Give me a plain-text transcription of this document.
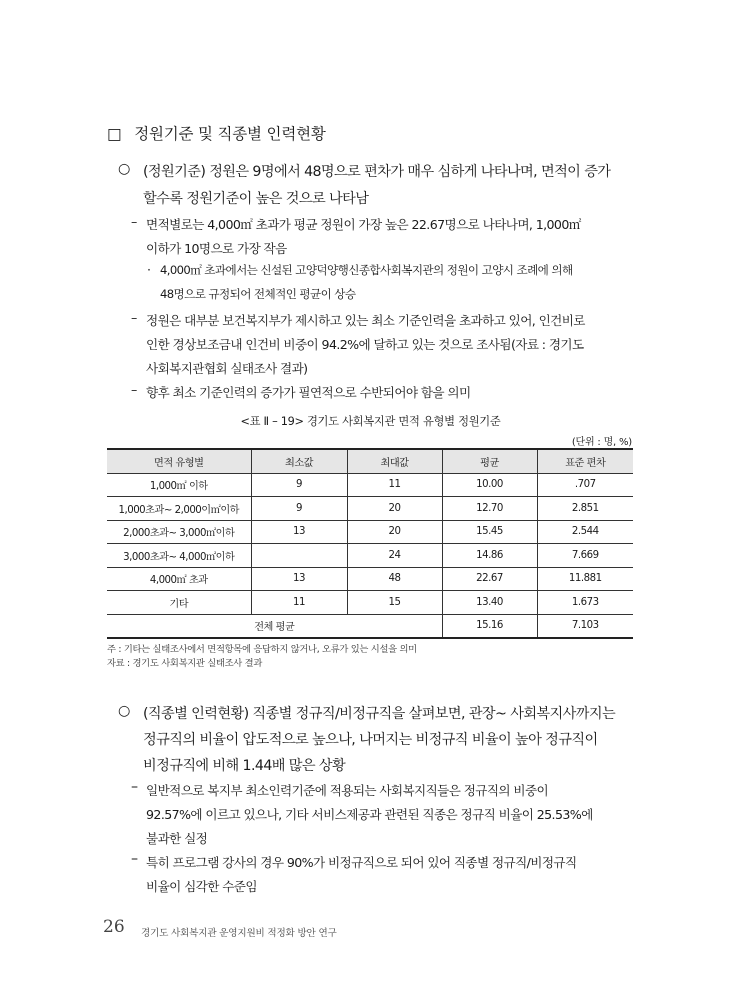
□ 정원기준 및 직종별 인력현황
○ (정원기준) 정원은 9명에서 48명으로 편차가 매우 심하게 나타나며, 면적이 증가
할수록 정원기준이 높은 것으로 나타남
– 면적별로는 4,000㎡ 초과가 평균 정원이 가장 높은 22.67명으로 나타나며, 1,000㎡
이하가 10명으로 가장 작음
· 4,000㎡ 초과에서는 신설된 고양덕양행신종합사회복지관의 정원이 고양시 조례에 의해
48명으로 규정되어 전체적인 평균이 상승
– 정원은 대부분 보건복지부가 제시하고 있는 최소 기준인력을 초과하고 있어, 인건비로
인한 경상보조금내 인건비 비중이 94.2%에 달하고 있는 것으로 조사됨(자료 : 경기도
사회복지관협회 실태조사 결과)
– 향후 최소 기준인력의 증가가 필연적으로 수반되어야 함을 의미
<표 Ⅱ – 19> 경기도 사회복지관 면적 유형별 정원기준
(단위 : 명, %)
면적 유형별	최소값	최대값	평균	표준 편차
1,000㎡ 이하	9	11	10.00	.707
1,000초과~ 2,000이㎡이하	9	20	12.70	2.851
2,000초과~ 3,000㎡이하	13	20	15.45	2.544
3,000초과~ 4,000㎡이하		24	14.86	7.669
4,000㎡ 초과	13	48	22.67	11.881
기타	11	15	13.40	1.673
전체 평균			15.16	7.103
주 : 기타는 실태조사에서 면적항목에 응답하지 않거나, 오류가 있는 시설을 의미
자료 : 경기도 사회복지관 실태조사 결과
○ (직종별 인력현황) 직종별 정규직/비정규직을 살펴보면, 관장~ 사회복지사까지는
정규직의 비율이 압도적으로 높으나, 나머지는 비정규직 비율이 높아 정규직이
비정규직에 비해 1.44배 많은 상황
– 일반적으로 복지부 최소인력기준에 적용되는 사회복지직들은 정규직의 비중이
92.57%에 이르고 있으나, 기타 서비스제공과 관련된 직종은 정규직 비율이 25.53%에
불과한 실정
– 특히 프로그램 강사의 경우 90%가 비정규직으로 되어 있어 직종별 정규직/비정규직
비율이 심각한 수준임
26 경기도 사회복지관 운영지원비 적정화 방안 연구
